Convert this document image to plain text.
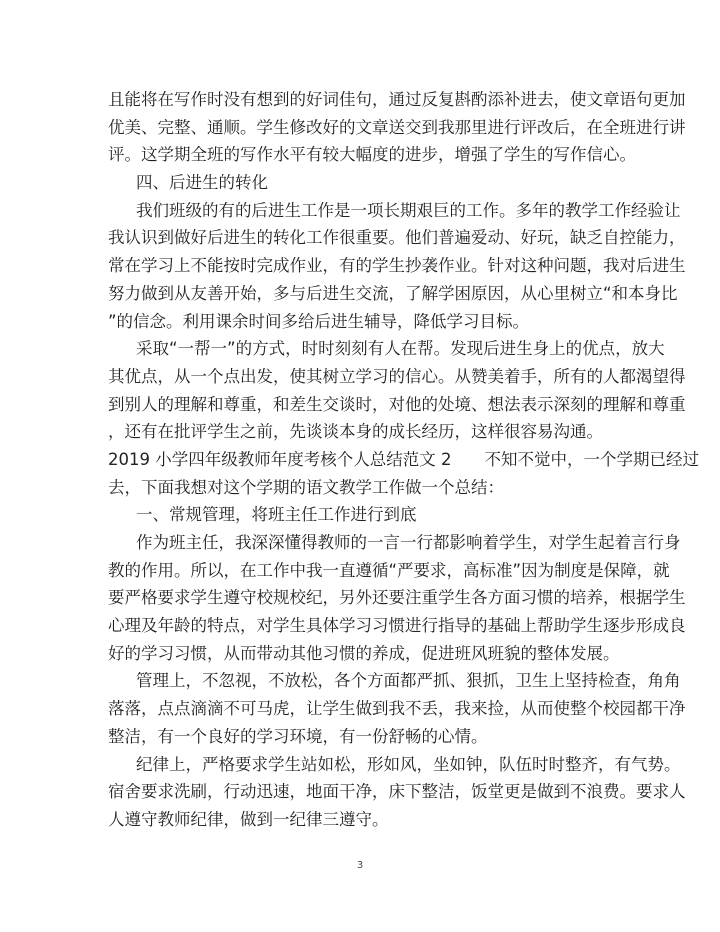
且能将在写作时没有想到的好词佳句，通过反复斟酌添补进去，使文章语句更加
优美、完整、通顺。学生修改好的文章送交到我那里进行评改后，在全班进行讲
评。这学期全班的写作水平有较大幅度的进步，增强了学生的写作信心。
四、后进生的转化
我们班级的有的后进生工作是一项长期艰巨的工作。多年的教学工作经验让
我认识到做好后进生的转化工作很重要。他们普遍爱动、好玩，缺乏自控能力，
常在学习上不能按时完成作业，有的学生抄袭作业。针对这种问题，我对后进生
努力做到从友善开始，多与后进生交流，了解学困原因，从心里树立“和本身比
”的信念。利用课余时间多给后进生辅导，降低学习目标。
采取“一帮一”的方式，时时刻刻有人在帮。发现后进生身上的优点，放大
其优点，从一个点出发，使其树立学习的信心。从赞美着手，所有的人都渴望得
到别人的理解和尊重，和差生交谈时，对他的处境、想法表示深刻的理解和尊重
，还有在批评学生之前，先谈谈本身的成长经历，这样很容易沟通。
2019 小学四年级教师年度考核个人总结范文 2　　不知不觉中，一个学期已经过
去，下面我想对这个学期的语文教学工作做一个总结：
一、常规管理，将班主任工作进行到底
作为班主任，我深深懂得教师的一言一行都影响着学生，对学生起着言行身
教的作用。所以，在工作中我一直遵循“严要求，高标准”因为制度是保障，就
要严格要求学生遵守校规校纪，另外还要注重学生各方面习惯的培养，根据学生
心理及年龄的特点，对学生具体学习习惯进行指导的基础上帮助学生逐步形成良
好的学习习惯，从而带动其他习惯的养成，促进班风班貌的整体发展。
管理上，不忽视，不放松，各个方面都严抓、狠抓，卫生上坚持检查，角角
落落，点点滴滴不可马虎，让学生做到我不丢，我来捡，从而使整个校园都干净
整洁，有一个良好的学习环境，有一份舒畅的心情。
纪律上，严格要求学生站如松，形如风，坐如钟，队伍时时整齐，有气势。
宿舍要求洗刷，行动迅速，地面干净，床下整洁，饭堂更是做到不浪费。要求人
人遵守教师纪律，做到一纪律三遵守。
3
